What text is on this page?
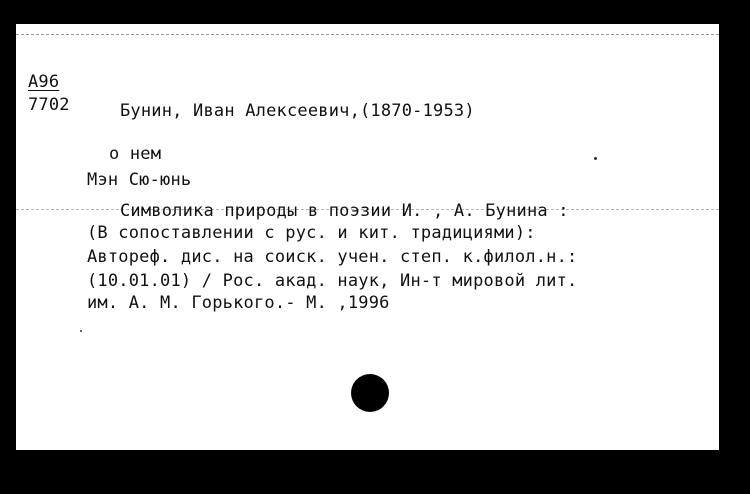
А96
7702	Бунин, Иван Алексеевич,(1870-1953)
о нем
Мэн Сю-юнь
Символика природы в поэзии И. , А. Бунина :
(В сопоставлении с рус. и кит. традициями):
Автореф. дис. на соиск. учен. степ. к.филол.н.:
(10.01.01) / Рос. акад. наук, Ин-т мировой лит.
им. А. М. Горького.- М. ,1996
